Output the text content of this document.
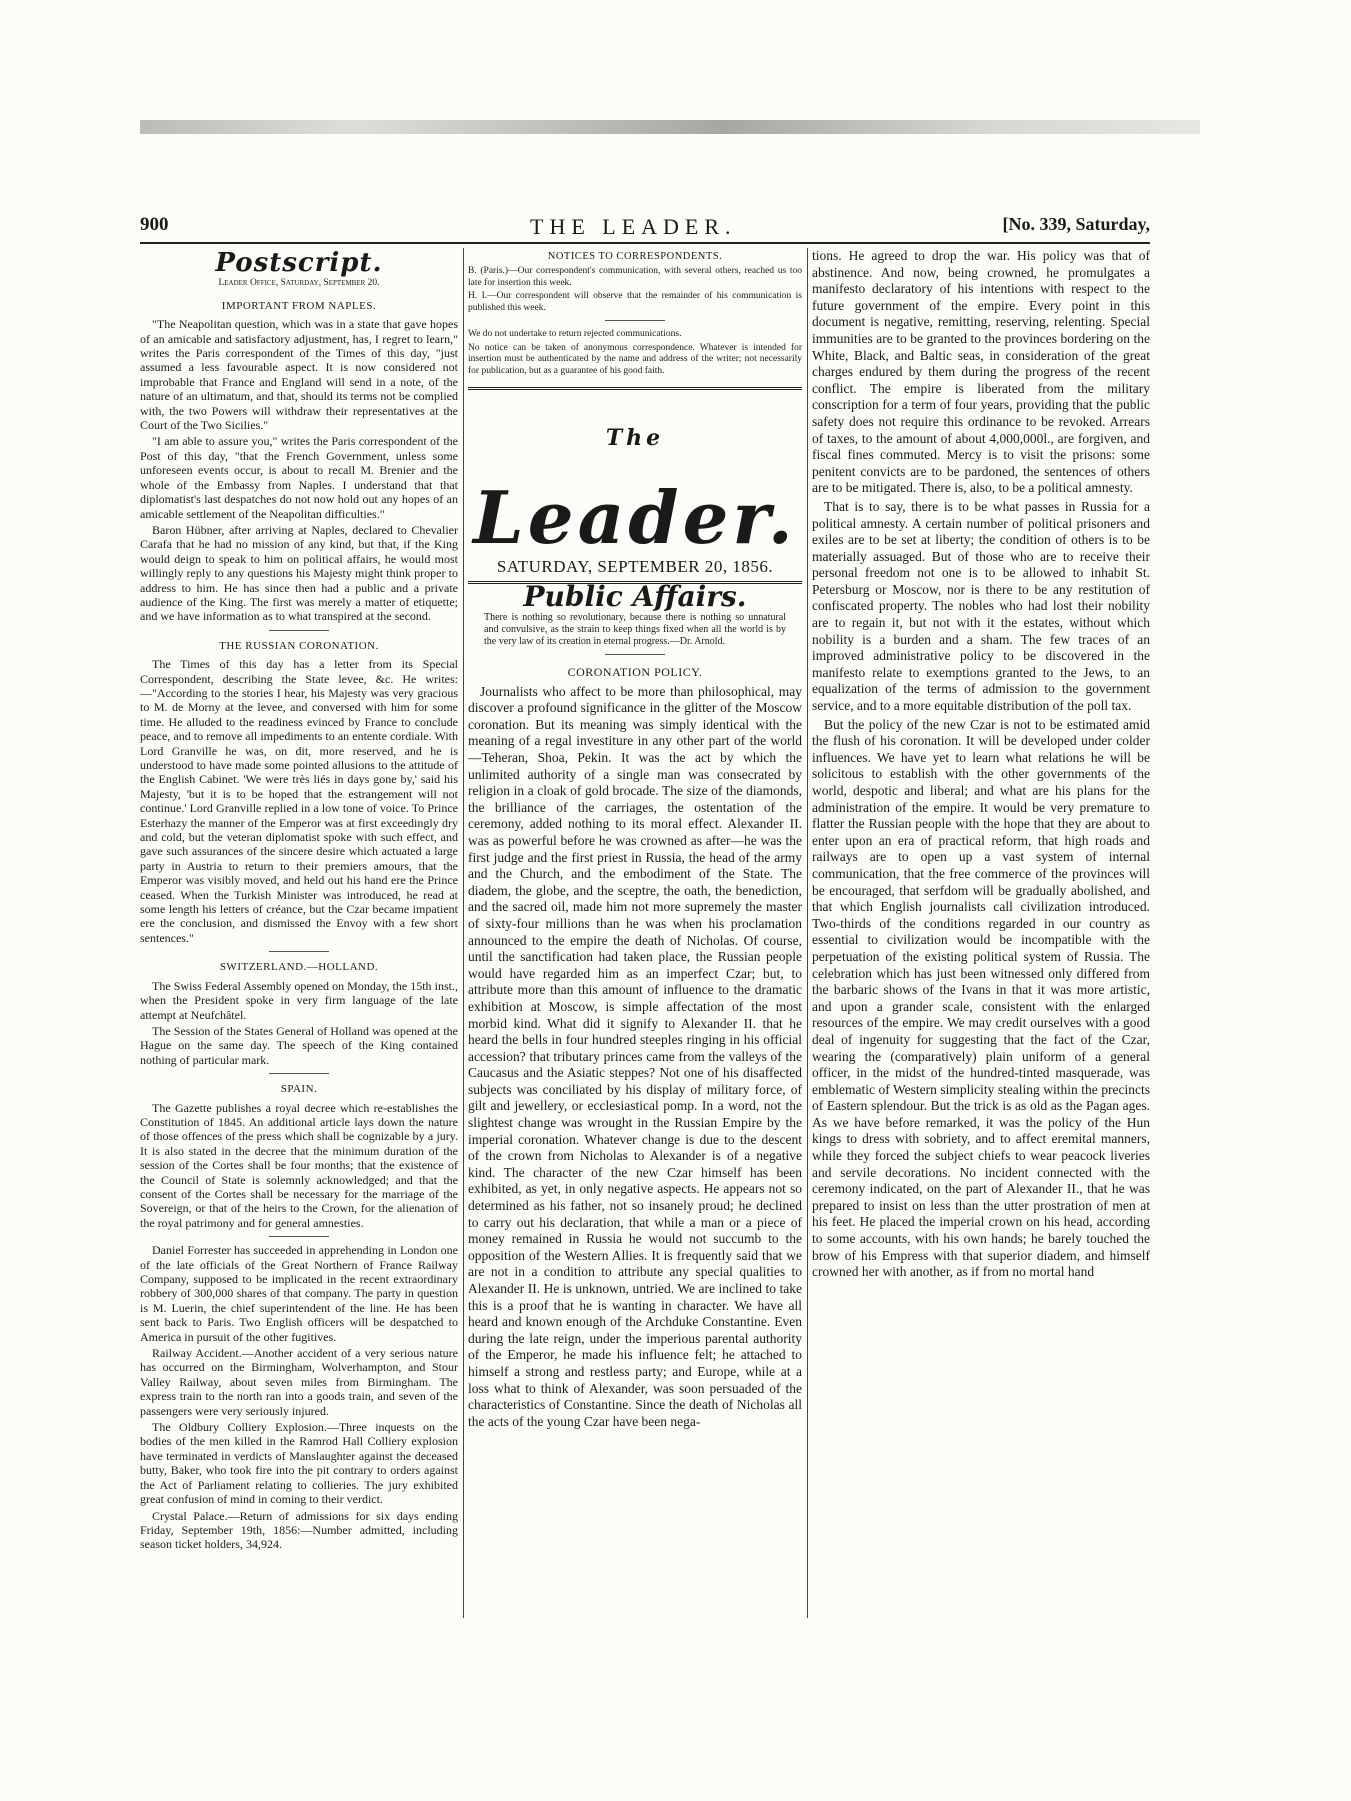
900	THE LEADER.	[No. 339, Saturday,
Postscript.
Leader Office, Saturday, September 20.
IMPORTANT FROM NAPLES.

"The Neapolitan question, which was in a state that gave hopes of an amicable and satisfactory adjustment, has, I regret to learn," writes the Paris correspondent of the Times of this day, "just assumed a less favourable aspect. It is now considered not improbable that France and England will send in a note, of the nature of an ultimatum, and that, should its terms not be complied with, the two Powers will withdraw their representatives at the Court of the Two Sicilies."

"I am able to assure you," writes the Paris correspondent of the Post of this day, "that the French Government, unless some unforeseen events occur, is about to recall M. Brenier and the whole of the Embassy from Naples. I understand that that diplomatist's last despatches do not now hold out any hopes of an amicable settlement of the Neapolitan difficulties."

Baron Hübner, after arriving at Naples, declared to Chevalier Carafa that he had no mission of any kind, but that, if the King would deign to speak to him on political affairs, he would most willingly reply to any questions his Majesty might think proper to address to him. He has since then had a public and a private audience of the King. The first was merely a matter of etiquette; and we have information as to what transpired at the second.

THE RUSSIAN CORONATION.

The Times of this day has a letter from its Special Correspondent, describing the State levee, &c. He writes:—"According to the stories I hear, his Majesty was very gracious to M. de Morny at the levee, and conversed with him for some time. He alluded to the readiness evinced by France to conclude peace, and to remove all impediments to an entente cordiale. With Lord Granville he was, on dit, more reserved, and he is understood to have made some pointed allusions to the attitude of the English Cabinet. 'We were très liés in days gone by,' said his Majesty, 'but it is to be hoped that the estrangement will not continue.' Lord Granville replied in a low tone of voice. To Prince Esterhazy the manner of the Emperor was at first exceedingly dry and cold, but the veteran diplomatist spoke with such effect, and gave such assurances of the sincere desire which actuated a large party in Austria to return to their premiers amours, that the Emperor was visibly moved, and held out his hand ere the Prince ceased. When the Turkish Minister was introduced, he read at some length his letters of créance, but the Czar became impatient ere the conclusion, and dismissed the Envoy with a few short sentences."

SWITZERLAND.—HOLLAND.

The Swiss Federal Assembly opened on Monday, the 15th inst., when the President spoke in very firm language of the late attempt at Neufchâtel.

The Session of the States General of Holland was opened at the Hague on the same day. The speech of the King contained nothing of particular mark.

SPAIN.

The Gazette publishes a royal decree which re-establishes the Constitution of 1845. An additional article lays down the nature of those offences of the press which shall be cognizable by a jury. It is also stated in the decree that the minimum duration of the session of the Cortes shall be four months; that the existence of the Council of State is solemnly acknowledged; and that the consent of the Cortes shall be necessary for the marriage of the Sovereign, or that of the heirs to the Crown, for the alienation of the royal patrimony and for general amnesties.

Daniel Forrester has succeeded in apprehending in London one of the late officials of the Great Northern of France Railway Company, supposed to be implicated in the recent extraordinary robbery of 300,000 shares of that company. The party in question is M. Luerin, the chief superintendent of the line. He has been sent back to Paris. Two English officers will be despatched to America in pursuit of the other fugitives.

Railway Accident.—Another accident of a very serious nature has occurred on the Birmingham, Wolverhampton, and Stour Valley Railway, about seven miles from Birmingham. The express train to the north ran into a goods train, and seven of the passengers were very seriously injured.

The Oldbury Colliery Explosion.—Three inquests on the bodies of the men killed in the Ramrod Hall Colliery explosion have terminated in verdicts of Manslaughter against the deceased butty, Baker, who took fire into the pit contrary to orders against the Act of Parliament relating to collieries. The jury exhibited great confusion of mind in coming to their verdict.

Crystal Palace.—Return of admissions for six days ending Friday, September 19th, 1856:—Number admitted, including season ticket holders, 34,924.

NOTICES TO CORRESPONDENTS.

B. (Paris.)—Our correspondent's communication, with several others, reached us too late for insertion this week.

H. I.—Our correspondent will observe that the remainder of his communication is published this week.

We do not undertake to return rejected communications.

No notice can be taken of anonymous correspondence. Whatever is intended for insertion must be authenticated by the name and address of the writer; not necessarily for publication, but as a guarantee of his good faith.

$^{The}$ Leader.
SATURDAY, SEPTEMBER 20, 1856.
Public Affairs.

There is nothing so revolutionary, because there is nothing so unnatural and convulsive, as the strain to keep things fixed when all the world is by the very law of its creation in eternal progress.—Dr. Arnold.

CORONATION POLICY.

Journalists who affect to be more than philosophical, may discover a profound significance in the glitter of the Moscow coronation. But its meaning was simply identical with the meaning of a regal investiture in any other part of the world—Teheran, Shoa, Pekin. It was the act by which the unlimited authority of a single man was consecrated by religion in a cloak of gold brocade. The size of the diamonds, the brilliance of the carriages, the ostentation of the ceremony, added nothing to its moral effect. Alexander II. was as powerful before he was crowned as after—he was the first judge and the first priest in Russia, the head of the army and the Church, and the embodiment of the State. The diadem, the globe, and the sceptre, the oath, the benediction, and the sacred oil, made him not more supremely the master of sixty-four millions than he was when his proclamation announced to the empire the death of Nicholas. Of course, until the sanctification had taken place, the Russian people would have regarded him as an imperfect Czar; but, to attribute more than this amount of influence to the dramatic exhibition at Moscow, is simple affectation of the most morbid kind. What did it signify to Alexander II. that he heard the bells in four hundred steeples ringing in his official accession? that tributary princes came from the valleys of the Caucasus and the Asiatic steppes? Not one of his disaffected subjects was conciliated by his display of military force, of gilt and jewellery, or ecclesiastical pomp. In a word, not the slightest change was wrought in the Russian Empire by the imperial coronation. Whatever change is due to the descent of the crown from Nicholas to Alexander is of a negative kind. The character of the new Czar himself has been exhibited, as yet, in only negative aspects. He appears not so determined as his father, not so insanely proud; he declined to carry out his declaration, that while a man or a piece of money remained in Russia he would not succumb to the opposition of the Western Allies. It is frequently said that we are not in a condition to attribute any special qualities to Alexander II. He is unknown, untried. We are inclined to take this is a proof that he is wanting in character. We have all heard and known enough of the Archduke Constantine. Even during the late reign, under the imperious parental authority of the Emperor, he made his influence felt; he attached to himself a strong and restless party; and Europe, while at a loss what to think of Alexander, was soon persuaded of the characteristics of Constantine. Since the death of Nicholas all the acts of the young Czar have been nega-

tions. He agreed to drop the war. His policy was that of abstinence. And now, being crowned, he promulgates a manifesto declaratory of his intentions with respect to the future government of the empire. Every point in this document is negative, remitting, reserving, relenting. Special immunities are to be granted to the provinces bordering on the White, Black, and Baltic seas, in consideration of the great charges endured by them during the progress of the recent conflict. The empire is liberated from the military conscription for a term of four years, providing that the public safety does not require this ordinance to be revoked. Arrears of taxes, to the amount of about 4,000,000l., are forgiven, and fiscal fines commuted. Mercy is to visit the prisons: some penitent convicts are to be pardoned, the sentences of others are to be mitigated. There is, also, to be a political amnesty.

That is to say, there is to be what passes in Russia for a political amnesty. A certain number of political prisoners and exiles are to be set at liberty; the condition of others is to be materially assuaged. But of those who are to receive their personal freedom not one is to be allowed to inhabit St. Petersburg or Moscow, nor is there to be any restitution of confiscated property. The nobles who had lost their nobility are to regain it, but not with it the estates, without which nobility is a burden and a sham. The few traces of an improved administrative policy to be discovered in the manifesto relate to exemptions granted to the Jews, to an equalization of the terms of admission to the government service, and to a more equitable distribution of the poll tax.

But the policy of the new Czar is not to be estimated amid the flush of his coronation. It will be developed under colder influences. We have yet to learn what relations he will be solicitous to establish with the other governments of the world, despotic and liberal; and what are his plans for the administration of the empire. It would be very premature to flatter the Russian people with the hope that they are about to enter upon an era of practical reform, that high roads and railways are to open up a vast system of internal communication, that the free commerce of the provinces will be encouraged, that serfdom will be gradually abolished, and that which English journalists call civilization introduced. Two-thirds of the conditions regarded in our country as essential to civilization would be incompatible with the perpetuation of the existing political system of Russia. The celebration which has just been witnessed only differed from the barbaric shows of the Ivans in that it was more artistic, and upon a grander scale, consistent with the enlarged resources of the empire. We may credit ourselves with a good deal of ingenuity for suggesting that the fact of the Czar, wearing the (comparatively) plain uniform of a general officer, in the midst of the hundred-tinted masquerade, was emblematic of Western simplicity stealing within the precincts of Eastern splendour. But the trick is as old as the Pagan ages. As we have before remarked, it was the policy of the Hun kings to dress with sobriety, and to affect eremital manners, while they forced the subject chiefs to wear peacock liveries and servile decorations. No incident connected with the ceremony indicated, on the part of Alexander II., that he was prepared to insist on less than the utter prostration of men at his feet. He placed the imperial crown on his head, according to some accounts, with his own hands; he barely touched the brow of his Empress with that superior diadem, and himself crowned her with another, as if from no mortal hand
